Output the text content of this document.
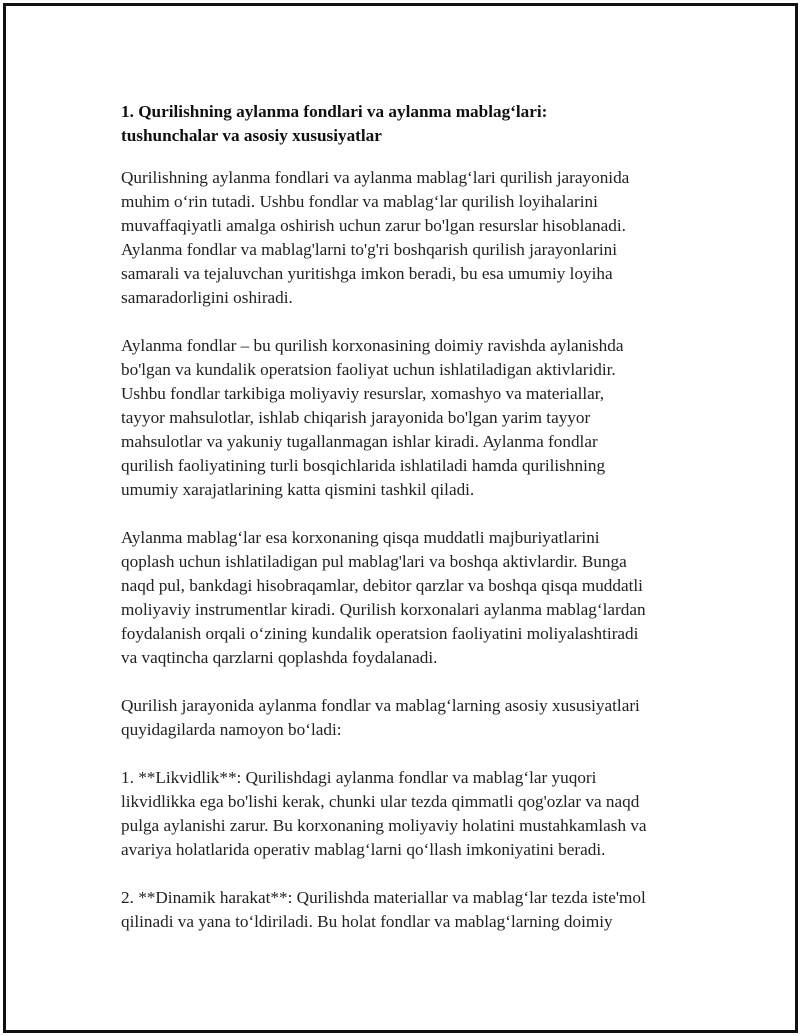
1. Qurilishning aylanma fondlari va aylanma mablag‘lari:
tushunchalar va asosiy xususiyatlar
Qurilishning aylanma fondlari va aylanma mablag‘lari qurilish jarayonida
muhim o‘rin tutadi. Ushbu fondlar va mablag‘lar qurilish loyihalarini
muvaffaqiyatli amalga oshirish uchun zarur bo'lgan resurslar hisoblanadi.
Aylanma fondlar va mablag'larni to'g'ri boshqarish qurilish jarayonlarini
samarali va tejaluvchan yuritishga imkon beradi, bu esa umumiy loyiha
samaradorligini oshiradi.
Aylanma fondlar – bu qurilish korxonasining doimiy ravishda aylanishda
bo'lgan va kundalik operatsion faoliyat uchun ishlatiladigan aktivlaridir.
Ushbu fondlar tarkibiga moliyaviy resurslar, xomashyo va materiallar,
tayyor mahsulotlar, ishlab chiqarish jarayonida bo'lgan yarim tayyor
mahsulotlar va yakuniy tugallanmagan ishlar kiradi. Aylanma fondlar
qurilish faoliyatining turli bosqichlarida ishlatiladi hamda qurilishning
umumiy xarajatlarining katta qismini tashkil qiladi.
Aylanma mablag‘lar esa korxonaning qisqa muddatli majburiyatlarini
qoplash uchun ishlatiladigan pul mablag'lari va boshqa aktivlardir. Bunga
naqd pul, bankdagi hisobraqamlar, debitor qarzlar va boshqa qisqa muddatli
moliyaviy instrumentlar kiradi. Qurilish korxonalari aylanma mablag‘lardan
foydalanish orqali o‘zining kundalik operatsion faoliyatini moliyalashtiradi
va vaqtincha qarzlarni qoplashda foydalanadi.
Qurilish jarayonida aylanma fondlar va mablag‘larning asosiy xususiyatlari
quyidagilarda namoyon bo‘ladi:
1. **Likvidlik**: Qurilishdagi aylanma fondlar va mablag‘lar yuqori
likvidlikka ega bo'lishi kerak, chunki ular tezda qimmatli qog'ozlar va naqd
pulga aylanishi zarur. Bu korxonaning moliyaviy holatini mustahkamlash va
avariya holatlarida operativ mablag‘larni qo‘llash imkoniyatini beradi.
2. **Dinamik harakat**: Qurilishda materiallar va mablag‘lar tezda iste'mol
qilinadi va yana to‘ldiriladi. Bu holat fondlar va mablag‘larning doimiy
